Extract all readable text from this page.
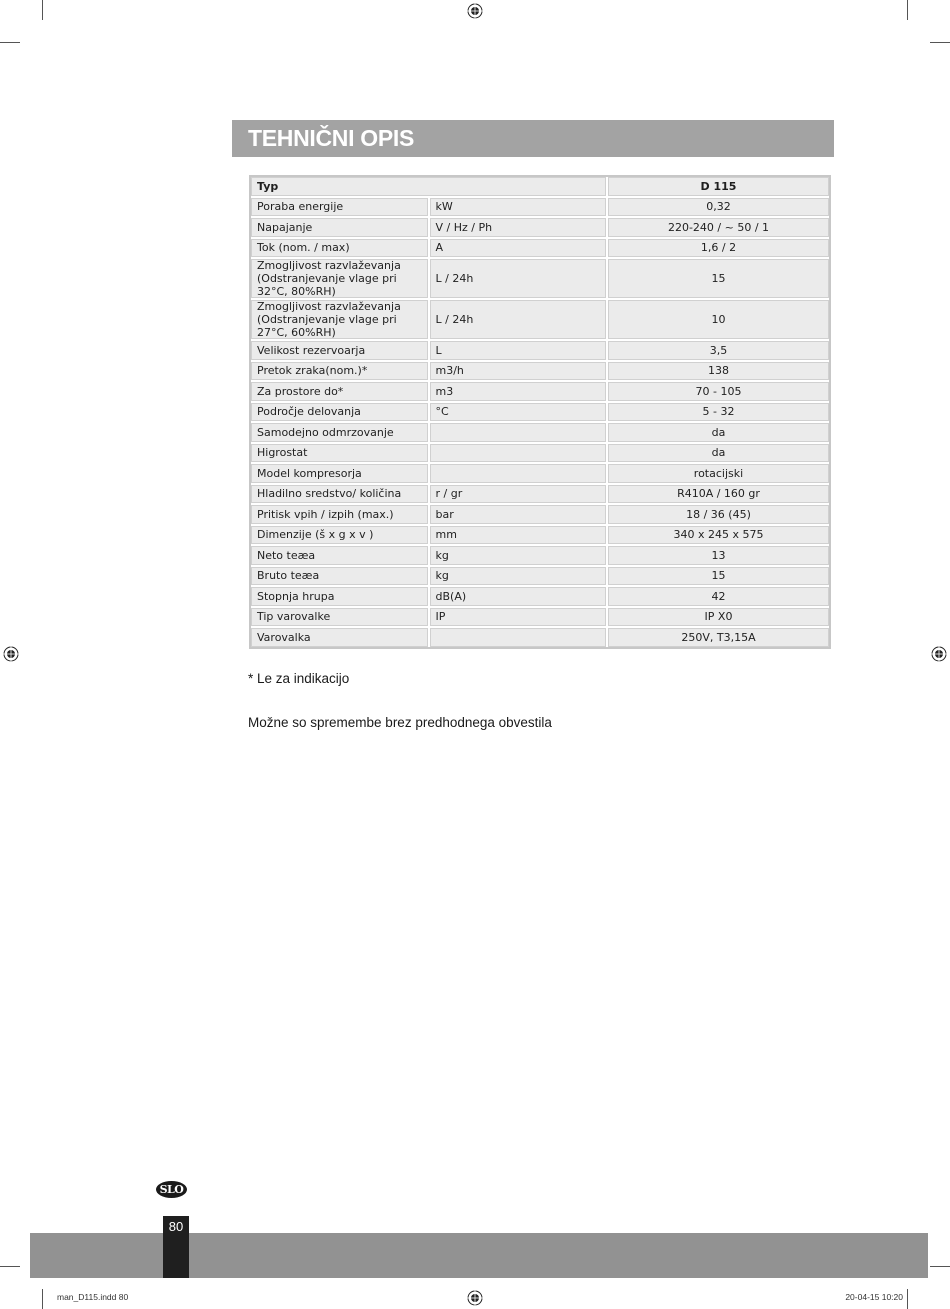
TEHNIČNI OPIS
Typ		D 115
Poraba energije	kW	0,32
Napajanje	V / Hz / Ph	220-240 / ~ 50 / 1
Tok (nom. / max)	A	1,6 / 2
Zmogljivost razvlaževanja (Odstranjevanje vlage pri 32°C, 80%RH)	L / 24h	15
Zmogljivost razvlaževanja (Odstranjevanje vlage pri 27°C, 60%RH)	L / 24h	10
Velikost rezervoarja	L	3,5
Pretok zraka(nom.)*	m3/h	138
Za prostore do*	m3	70 - 105
Področje delovanja	°C	5 - 32
Samodejno odmrzovanje		da
Higrostat		da
Model kompresorja		rotacijski
Hladilno sredstvo/ količina	r / gr	R410A / 160 gr
Pritisk vpih / izpih (max.)	bar	18 / 36 (45)
Dimenzije (š x g x v )	mm	340 x 245 x 575
Neto teæa	kg	13
Bruto teæa	kg	15
Stopnja hrupa	dB(A)	42
Tip varovalke	IP	IP X0
Varovalka		250V, T3,15A
* Le za indikacijo
Možne so spremembe brez predhodnega obvestila
SLO
80
man_D115.indd 80	20-04-15 10:20
